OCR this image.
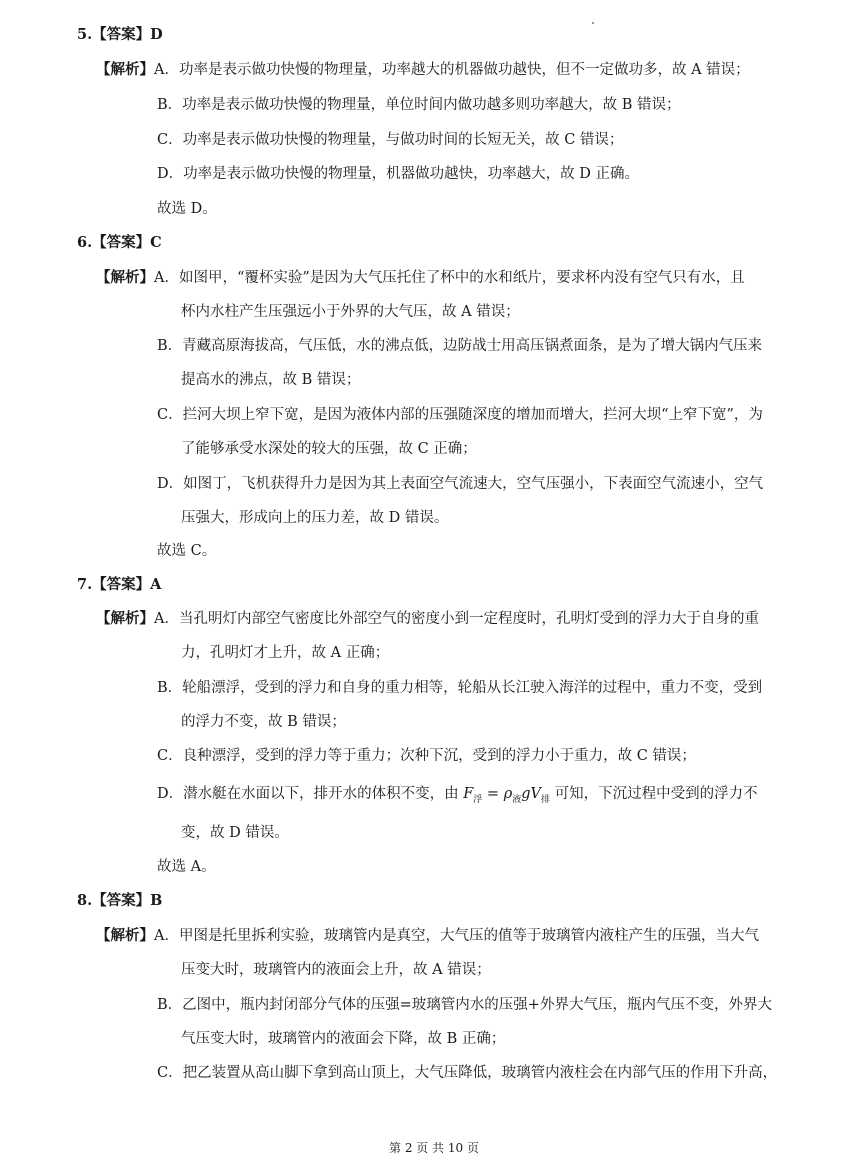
5.【答案】D
【解析】A．功率是表示做功快慢的物理量，功率越大的机器做功越快，但不一定做功多，故 A 错误；
B．功率是表示做功快慢的物理量，单位时间内做功越多则功率越大，故 B 错误；
C．功率是表示做功快慢的物理量，与做功时间的长短无关，故 C 错误；
D．功率是表示做功快慢的物理量，机器做功越快，功率越大，故 D 正确。
故选 D。
6.【答案】C
【解析】A．如图甲，“覆杯实验”是因为大气压托住了杯中的水和纸片，要求杯内没有空气只有水，且
杯内水柱产生压强远小于外界的大气压，故 A 错误；
B．青藏高原海拔高，气压低，水的沸点低，边防战士用高压锅煮面条，是为了增大锅内气压来
提高水的沸点，故 B 错误；
C．拦河大坝上窄下宽，是因为液体内部的压强随深度的增加而增大，拦河大坝“上窄下宽”，为
了能够承受水深处的较大的压强，故 C 正确；
D．如图丁，飞机获得升力是因为其上表面空气流速大，空气压强小，下表面空气流速小，空气
压强大，形成向上的压力差，故 D 错误。
故选 C。
7.【答案】A
【解析】A．当孔明灯内部空气密度比外部空气的密度小到一定程度时，孔明灯受到的浮力大于自身的重
力，孔明灯才上升，故 A 正确；
B．轮船漂浮，受到的浮力和自身的重力相等，轮船从长江驶入海洋的过程中，重力不变，受到
的浮力不变，故 B 错误；
C．良种漂浮，受到的浮力等于重力；次种下沉，受到的浮力小于重力，故 C 错误；
D．潜水艇在水面以下，排开水的体积不变，由 $F_浮 = \rho_液gV_排$ 可知，下沉过程中受到的浮力不
变，故 D 错误。
故选 A。
8.【答案】B
【解析】A．甲图是托里拆利实验，玻璃管内是真空，大气压的值等于玻璃管内液柱产生的压强，当大气
压变大时，玻璃管内的液面会上升，故 A 错误；
B．乙图中，瓶内封闭部分气体的压强=玻璃管内水的压强+外界大气压，瓶内气压不变，外界大
气压变大时，玻璃管内的液面会下降，故 B 正确；
C．把乙装置从高山脚下拿到高山顶上，大气压降低，玻璃管内液柱会在内部气压的作用下升高，
第 2 页 共 10 页
